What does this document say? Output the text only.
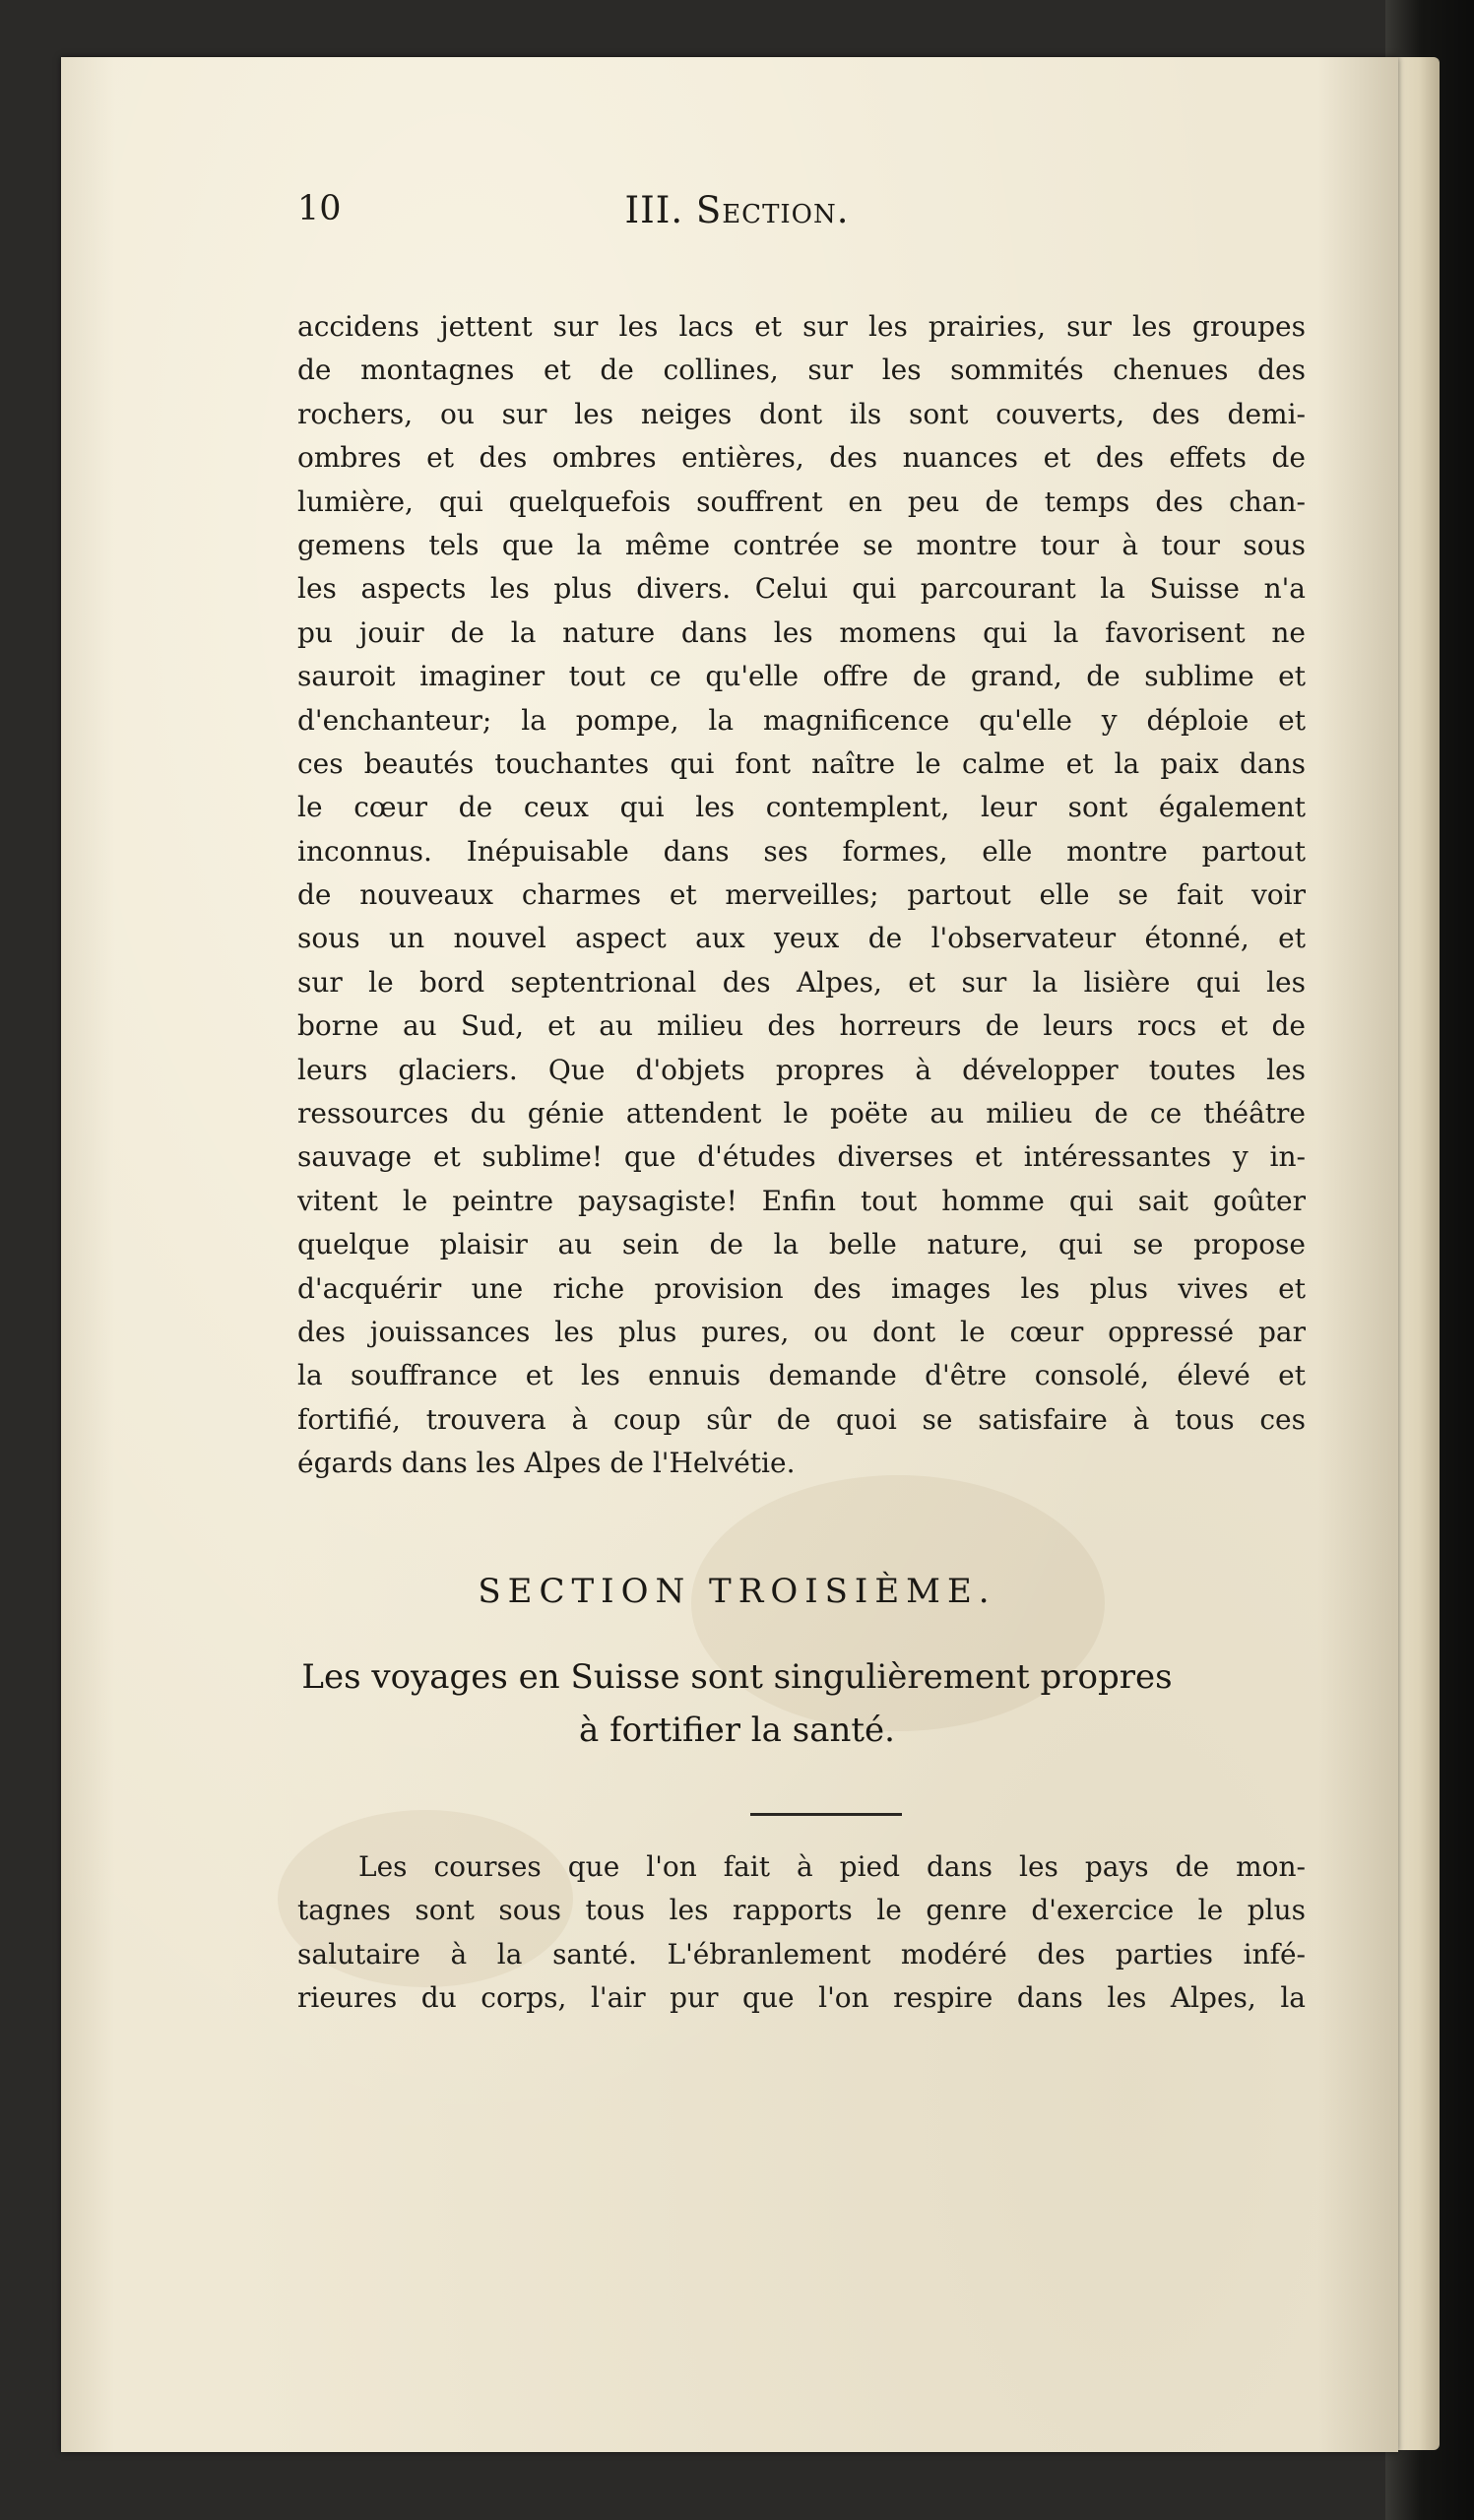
10	III. Section.
accidens jettent sur les lacs et sur les prairies, sur les groupes
de montagnes et de collines, sur les sommités chenues des
rochers, ou sur les neiges dont ils sont couverts, des demi-
ombres et des ombres entières, des nuances et des effets de
lumière, qui quelquefois souffrent en peu de temps des chan-
gemens tels que la même contrée se montre tour à tour sous
les aspects les plus divers. Celui qui parcourant la Suisse n'a
pu jouir de la nature dans les momens qui la favorisent ne
sauroit imaginer tout ce qu'elle offre de grand, de sublime et
d'enchanteur; la pompe, la magnificence qu'elle y déploie et
ces beautés touchantes qui font naître le calme et la paix dans
le cœur de ceux qui les contemplent, leur sont également
inconnus. Inépuisable dans ses formes, elle montre partout
de nouveaux charmes et merveilles; partout elle se fait voir
sous un nouvel aspect aux yeux de l'observateur étonné, et
sur le bord septentrional des Alpes, et sur la lisière qui les
borne au Sud, et au milieu des horreurs de leurs rocs et de
leurs glaciers. Que d'objets propres à développer toutes les
ressources du génie attendent le poëte au milieu de ce théâtre
sauvage et sublime! que d'études diverses et intéressantes y in-
vitent le peintre paysagiste! Enfin tout homme qui sait goûter
quelque plaisir au sein de la belle nature, qui se propose
d'acquérir une riche provision des images les plus vives et
des jouissances les plus pures, ou dont le cœur oppressé par
la souffrance et les ennuis demande d'être consolé, élevé et
fortifié, trouvera à coup sûr de quoi se satisfaire à tous ces
égards dans les Alpes de l'Helvétie.
SECTION TROISIÈME.
Les voyages en Suisse sont singulièrement propres
à fortifier la santé.
Les courses que l'on fait à pied dans les pays de mon-
tagnes sont sous tous les rapports le genre d'exercice le plus
salutaire à la santé. L'ébranlement modéré des parties infé-
rieures du corps, l'air pur que l'on respire dans les Alpes, la
